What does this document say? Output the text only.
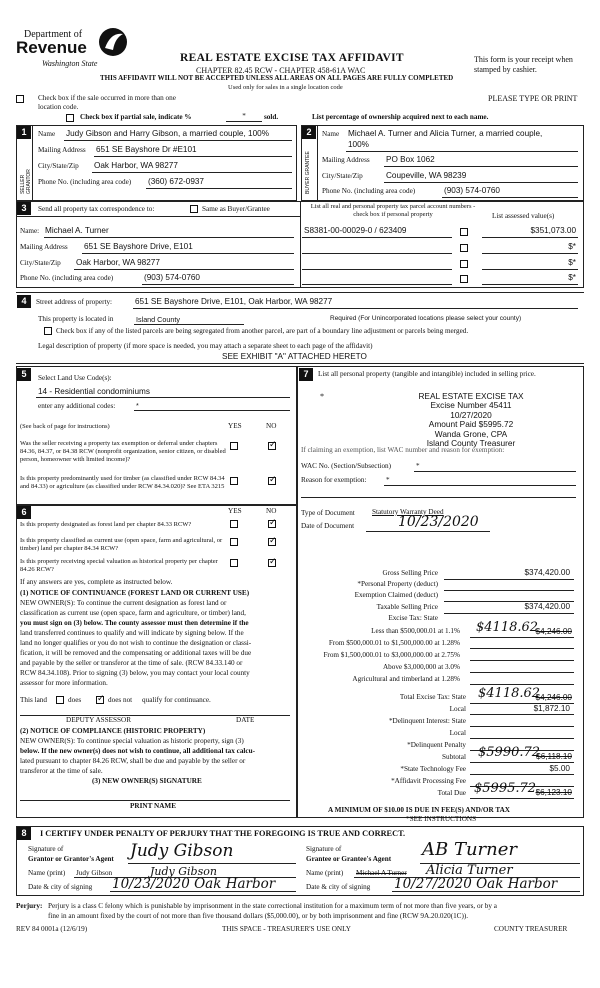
Department of
Revenue
Washington State	REAL ESTATE EXCISE TAX AFFIDAVIT
CHAPTER 82.45 RCW - CHAPTER 458-61A WAC
THIS AFFIDAVIT WILL NOT BE ACCEPTED UNLESS ALL AREAS ON ALL PAGES ARE FULLY COMPLETED
Used only for sales in a single location code
This form is your receipt when stamped by cashier.
Check box if the sale occurred in more than one location code.
Check box if partial sale, indicate %	*	sold.	List percentage of ownership acquired next to each name.
PLEASE TYPE OR PRINT
1
SELLER GRANTOR
Name Judy Gibson and Harry Gibson, a married couple, 100%
Mailing Address 651 SE Bayshore Dr #E101
City/State/Zip Oak Harbor, WA 98277
Phone No. (including area code) (360) 672-0937
2
BUYER GRANTEE
Name Michael A. Turner and Alicia Turner, a married couple,
100%
Mailing Address PO Box 1062
City/State/Zip	Coupeville, WA 98239
Phone No. (including area code)	(903) 574-0760
3	Send all property tax correspondence to:	Same as Buyer/Grantee	List all real and personal property tax parcel account numbers - check box if personal property	List assessed value(s)
Name: Michael A. Turner
Mailing Address 651 SE Bayshore Drive, E101
City/State/Zip Oak Harbor, WA 98277
Phone No. (including area code)	(903) 574-0760
S8381-00-00029-0 / 623409	$351,073.00
$*
$*
$*
4	Street address of property:	651 SE Bayshore Drive, E101, Oak Harbor, WA 98277
This property is located in	Island County	Required (For Unincorporated locations please select your county)
Check box if any of the listed parcels are being segregated from another parcel, are part of a boundary line adjustment or parcels being merged.
Legal description of property (if more space is needed, you may attach a separate sheet to each page of the affidavit)
SEE EXHIBIT "A" ATTACHED HERETO
5	Select Land Use Code(s):
14 - Residential condominiums
enter any additional codes:	*
(See back of page for instructions)	YES	NO
Was the seller receiving a property tax exemption or deferral under chapters 84.36, 84.37, or 84.38 RCW (nonprofit organization, senior citizen, or disabled person, homeowner with limited income)?
✓
Is this property predominantly used for timber (as classified under RCW 84.34 and 84.33) or agriculture (as classified under RCW 84.34.020)? See ETA 3215
✓
6	YES	NO
Is this property designated as forest land per chapter 84.33 RCW?
✓
Is this property classified as current use (open space, farm and agricultural, or timber) land per chapter 84.34 RCW?
✓
Is this property receiving special valuation as historical property per chapter 84.26 RCW?
✓
If any answers are yes, complete as instructed below.
(1) NOTICE OF CONTINUANCE (FOREST LAND OR CURRENT USE)
NEW OWNER(S): To continue the current designation as forest land or
classification as current use (open space, farm and agriculture, or timber) land,
you must sign on (3) below. The county assessor must then determine if the
land transferred continues to qualify and will indicate by signing below. If the
land no longer qualifies or you do not wish to continue the designation or classi-
fication, it will be removed and the compensating or additional taxes will be due
and payable by the seller or transferor at the time of sale. (RCW 84.33.140 or
RCW 84.34.108). Prior to signing (3) below, you may contact your local county
assessor for more information.
This land	does
✓	does not qualify for continuance.
DEPUTY ASSESSOR	DATE
(2) NOTICE OF COMPLIANCE (HISTORIC PROPERTY)
NEW OWNER(S): To continue special valuation as historic property, sign (3)
below. If the new owner(s) does not wish to continue, all additional tax calcu-
lated pursuant to chapter 84.26 RCW, shall be due and payable by the seller or
transferor at the time of sale.
(3) NEW OWNER(S) SIGNATURE
PRINT NAME
7	List all personal property (tangible and intangible) included in selling price.
*	REAL ESTATE EXCISE TAX
Excise Number 45411
10/27/2020
Amount Paid $5995.72
Wanda Grone, CPA
Island County Treasurer
If claiming an exemption, list WAC number and reason for exemption:
WAC No. (Section/Subsection)	*
Reason for exemption:	*
Type of Document Statutory Warranty Deed
Date of Document	10/23/2020
Gross Selling Price	$374,420.00
*Personal Property (deduct)
Exemption Claimed (deduct)
Taxable Selling Price	$374,420.00
Excise Tax: State
Less than $500,000.01 at 1.1% $4118.62
$4,246.00
From $500,000.01 to $1,500,000.00 at 1.28%
From $1,500,000.01 to $3,000,000.00 at 2.75%
Above $3,000,000 at 3.0%
Agricultural and timberland at 1.28%
Total Excise Tax: State $4118.62
$4,246.00
Local	$1,872.10
*Delinquent Interest: State
Local
*Delinquent Penalty
Subtotal $5990.72
$6,118.10
*State Technology Fee	$5.00
*Affidavit Processing Fee
Total Due $5995.72 $6,123.10
A MINIMUM OF $10.00 IS DUE IN FEE(S) AND/OR TAX
*SEE INSTRUCTIONS
8	I CERTIFY UNDER PENALTY OF PERJURY THAT THE FOREGOING IS TRUE AND CORRECT.
Signature of
Grantor or Grantor's Agent Judy Gibson
Name (print) Judy Gibson	Judy Gibson
Date & city of signing 10/23/2020 Oak Harbor
Signature of
Grantee or Grantee's Agent AB Turner
Name (print) Michael A Turner Alicia Turner
Date & city of signing 10/27/2020 Oak Harbor
Perjury: Perjury is a class C felony which is punishable by imprisonment in the state correctional institution for a maximum term of not more than five years, or by a
fine in an amount fixed by the court of not more than five thousand dollars ($5,000.00), or by both imprisonment and fine (RCW 9A.20.020(1C)).
REV 84 0001a (12/6/19)	THIS SPACE - TREASURER'S USE ONLY	COUNTY TREASURER
